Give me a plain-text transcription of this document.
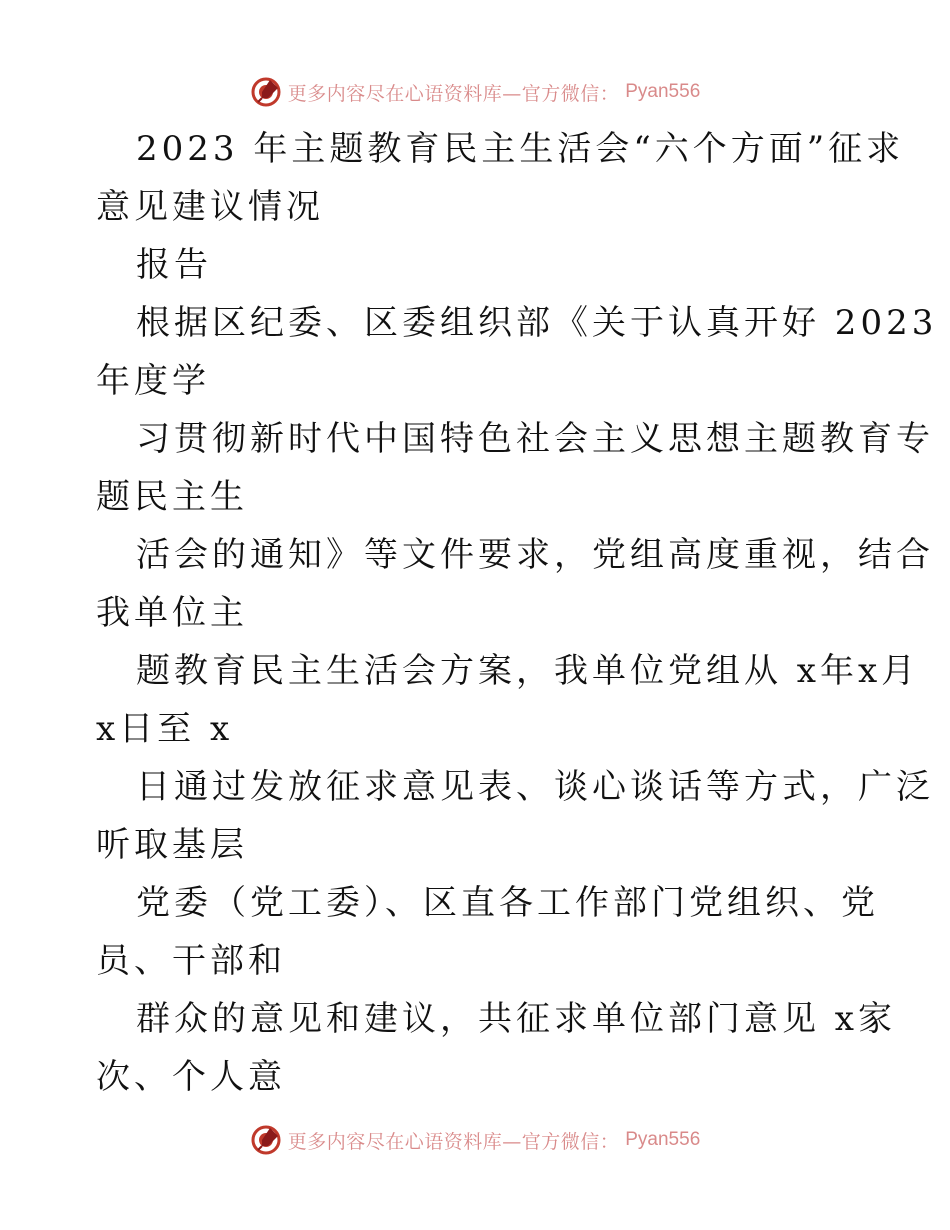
更多内容尽在心语资料库—官方微信： Pyan556
2023 年主题教育民主生活会“六个方面”征求
意见建议情况
报告
根据区纪委、区委组织部《关于认真开好 2023
年度学
习贯彻新时代中国特色社会主义思想主题教育专
题民主生
活会的通知》等文件要求，党组高度重视，结合
我单位主
题教育民主生活会方案，我单位党组从 x年x月
x日至 x
日通过发放征求意见表、谈心谈话等方式，广泛
听取基层
党委（党工委）、区直各工作部门党组织、党
员、干部和
群众的意见和建议，共征求单位部门意见 x家
次、个人意
更多内容尽在心语资料库—官方微信： Pyan556
